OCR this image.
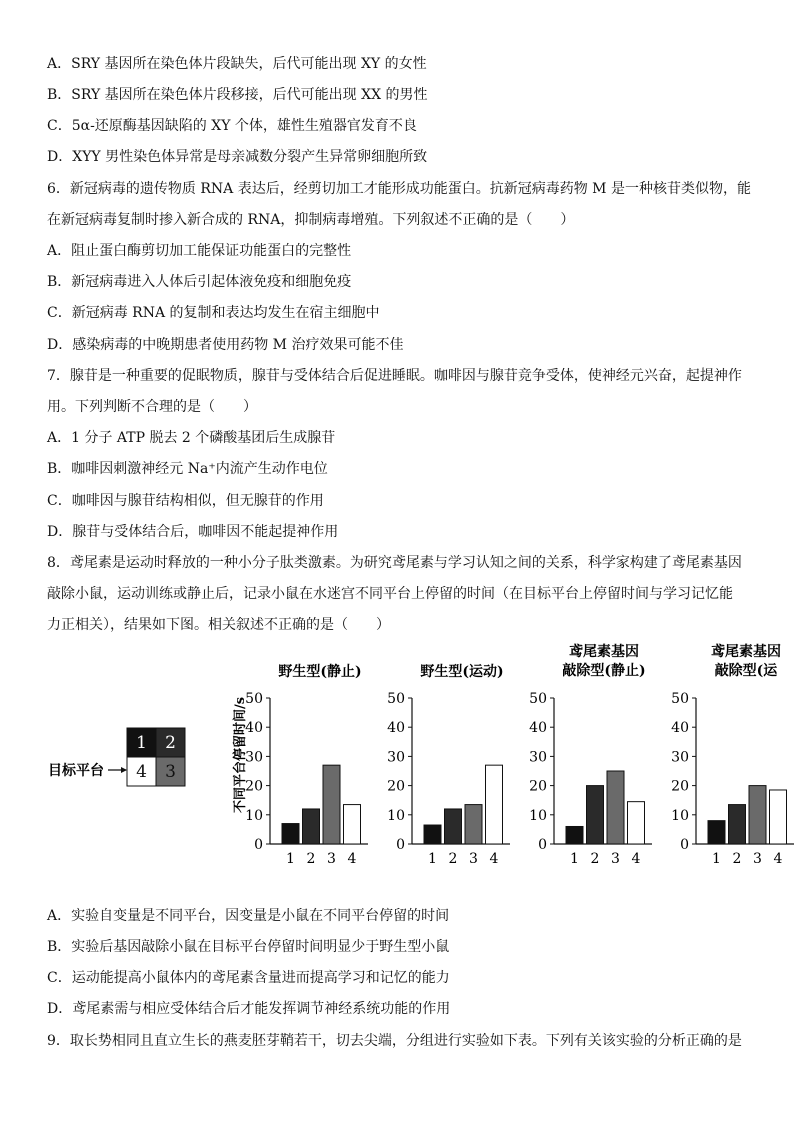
A．SRY 基因所在染色体片段缺失，后代可能出现 XY 的女性
B．SRY 基因所在染色体片段移接，后代可能出现 XX 的男性
C．5α-还原酶基因缺陷的 XY 个体，雄性生殖器官发育不良
D．XYY 男性染色体异常是母亲减数分裂产生异常卵细胞所致
6．新冠病毒的遗传物质 RNA 表达后，经剪切加工才能形成功能蛋白。抗新冠病毒药物 M 是一种核苷类似物，能
在新冠病毒复制时掺入新合成的 RNA，抑制病毒增殖。下列叙述不正确的是（　　）
A．阻止蛋白酶剪切加工能保证功能蛋白的完整性
B．新冠病毒进入人体后引起体液免疫和细胞免疫
C．新冠病毒 RNA 的复制和表达均发生在宿主细胞中
D．感染病毒的中晚期患者使用药物 M 治疗效果可能不佳
7．腺苷是一种重要的促眠物质，腺苷与受体结合后促进睡眠。咖啡因与腺苷竞争受体，使神经元兴奋，起提神作
用。下列判断不合理的是（　　）
A．1 分子 ATP 脱去 2 个磷酸基团后生成腺苷
B．咖啡因刺激神经元 Na⁺内流产生动作电位
C．咖啡因与腺苷结构相似，但无腺苷的作用
D．腺苷与受体结合后，咖啡因不能起提神作用
8．鸢尾素是运动时释放的一种小分子肽类激素。为研究鸢尾素与学习认知之间的关系，科学家构建了鸢尾素基因
敲除小鼠，运动训练或静止后，记录小鼠在水迷宫不同平台上停留的时间（在目标平台上停留时间与学习记忆能
力正相关），结果如下图。相关叙述不正确的是（　　）
目标平台
1 2
4 3	不同平台停留时间/s
野生型(静止)
0
10
20
30
40
50
1 2 3 4
野生型(运动)
0
10
20
30
40
50
1 2 3 4
鸢尾素基因
敲除型(静止)
0
10
20
30
40
50
1 2 3 4
鸢尾素基因
敲除型(运
0
10
20
30
40
50
1 2 3 4
A．实验自变量是不同平台，因变量是小鼠在不同平台停留的时间
B．实验后基因敲除小鼠在目标平台停留时间明显少于野生型小鼠
C．运动能提高小鼠体内的鸢尾素含量进而提高学习和记忆的能力
D．鸢尾素需与相应受体结合后才能发挥调节神经系统功能的作用
9．取长势相同且直立生长的燕麦胚芽鞘若干，切去尖端，分组进行实验如下表。下列有关该实验的分析正确的是
